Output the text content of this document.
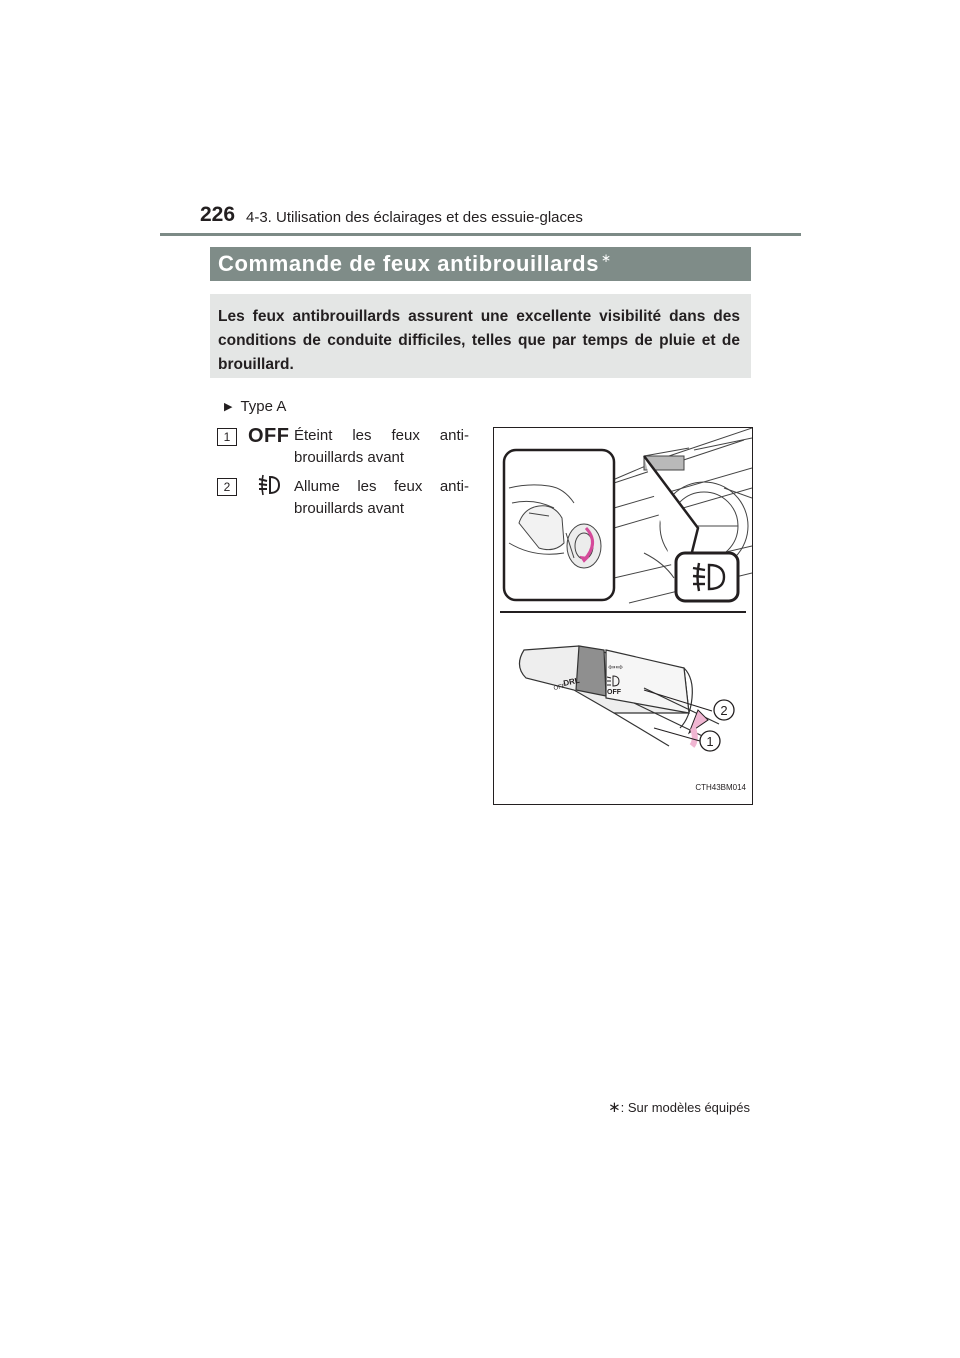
226 4-3. Utilisation des éclairages et des essuie-glaces
Commande de feux antibrouillards ∗
Les feux antibrouillards assurent une excellente visibilité dans des conditions de conduite difficiles, telles que par temps de pluie et de brouillard.
▶ Type A
1 OFF Éteint les feux anti-
brouillards avant
2	Allume les feux anti-
brouillards avant
DRL
OFF
OFF
⇦⇨
2
1
CTH43BM014
∗: Sur modèles équipés
